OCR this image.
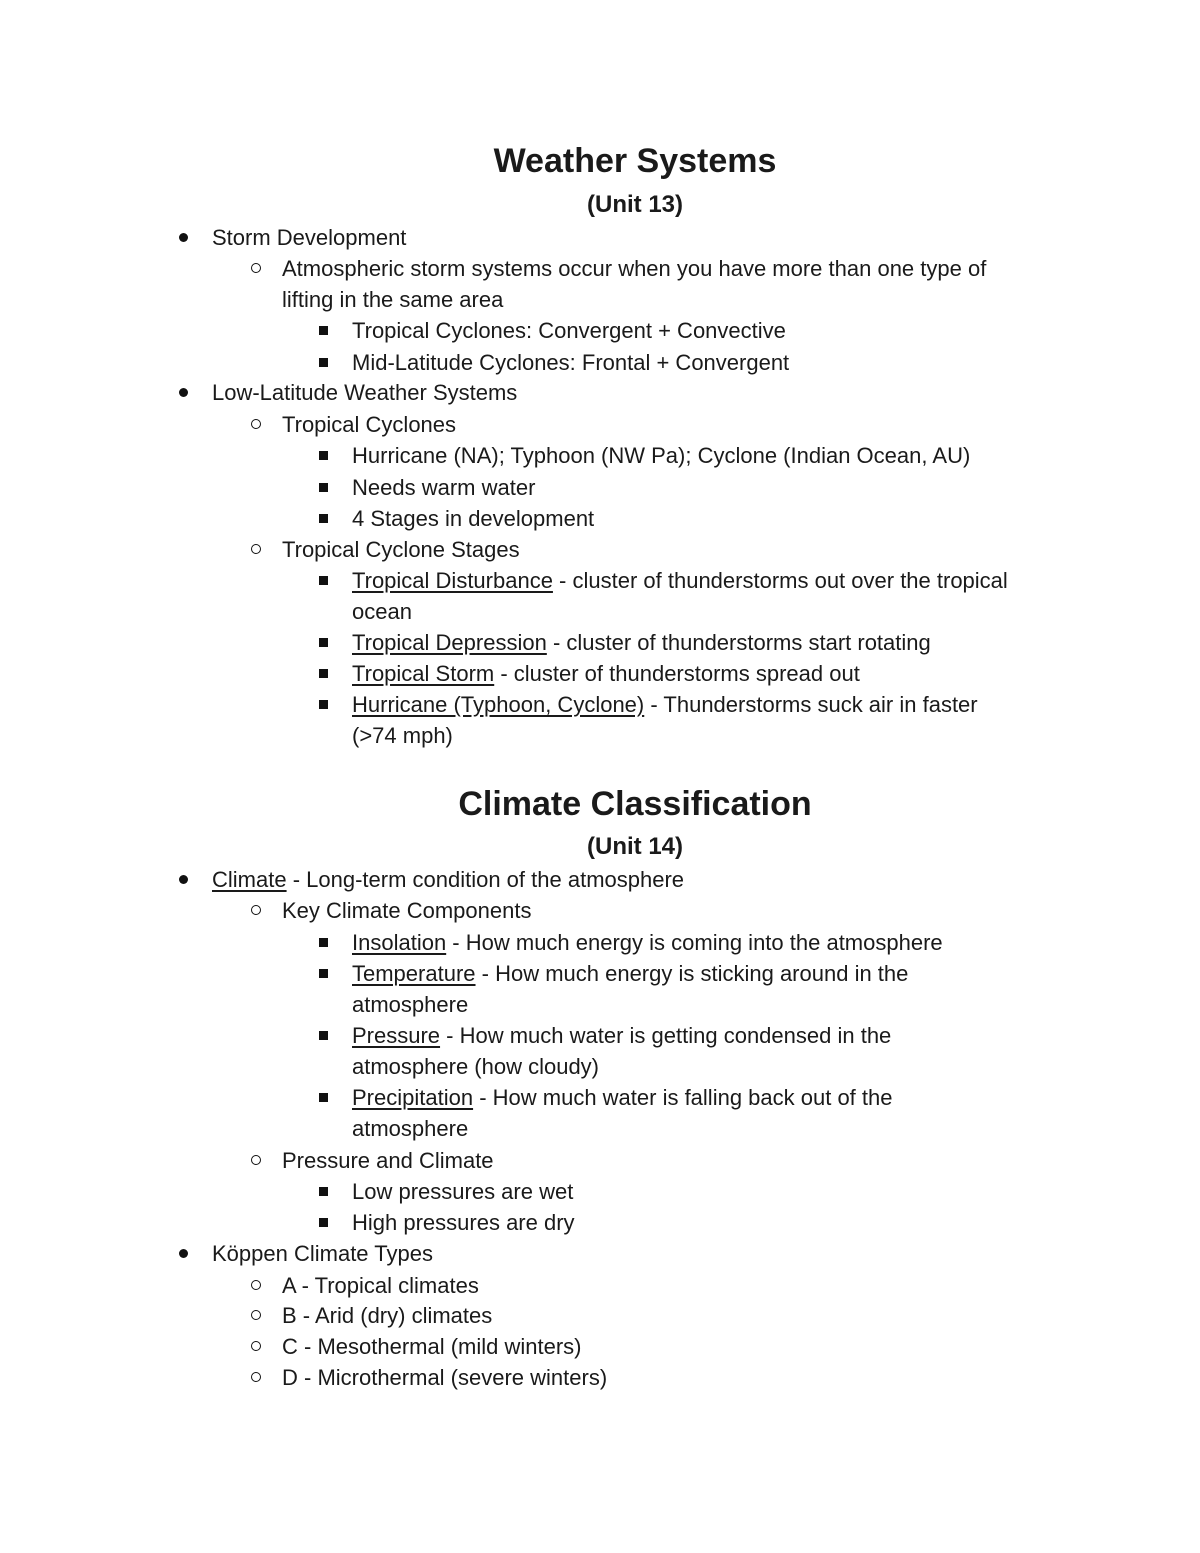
Weather Systems
(Unit 13)
Storm Development
Atmospheric storm systems occur when you have more than one type of
lifting in the same area
Tropical Cyclones: Convergent + Convective
Mid-Latitude Cyclones: Frontal + Convergent
Low-Latitude Weather Systems
Tropical Cyclones
Hurricane (NA); Typhoon (NW Pa); Cyclone (Indian Ocean, AU)
Needs warm water
4 Stages in development
Tropical Cyclone Stages
Tropical Disturbance - cluster of thunderstorms out over the tropical
ocean
Tropical Depression - cluster of thunderstorms start rotating
Tropical Storm - cluster of thunderstorms spread out
Hurricane (Typhoon, Cyclone) - Thunderstorms suck air in faster
(>74 mph)
Climate Classification
(Unit 14)
Climate - Long-term condition of the atmosphere
Key Climate Components
Insolation - How much energy is coming into the atmosphere
Temperature - How much energy is sticking around in the
atmosphere
Pressure - How much water is getting condensed in the
atmosphere (how cloudy)
Precipitation - How much water is falling back out of the
atmosphere
Pressure and Climate
Low pressures are wet
High pressures are dry
Köppen Climate Types
A - Tropical climates
B - Arid (dry) climates
C - Mesothermal (mild winters)
D - Microthermal (severe winters)
